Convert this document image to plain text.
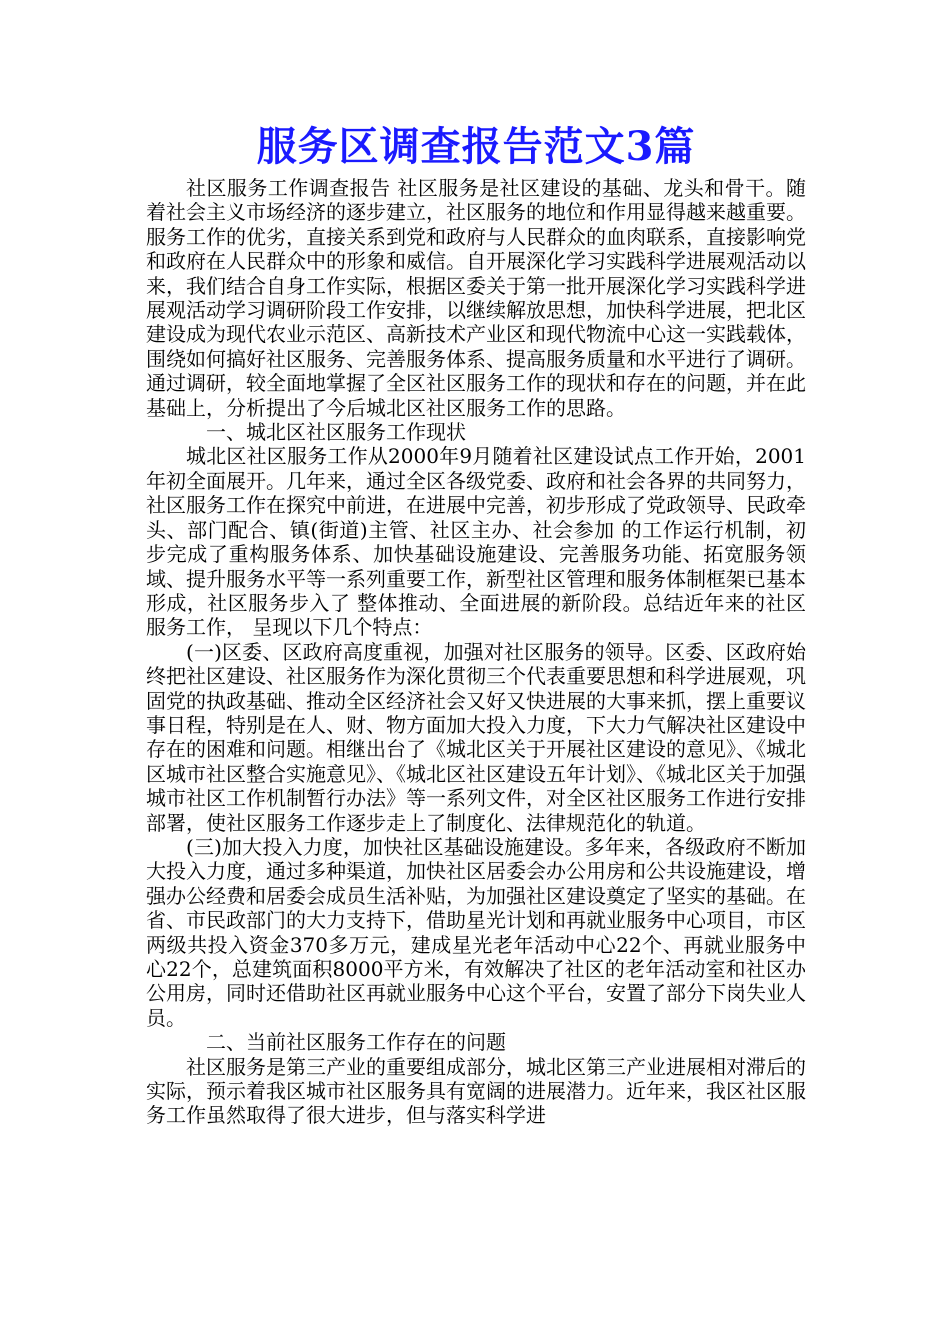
服务区调查报告范文3篇

社区服务工作调查报告 社区服务是社区建设的基础、龙头和骨干。随着社会主义市场经济的逐步建立，社区服务的地位和作用显得越来越重要。服务工作的优劣，直接关系到党和政府与人民群众的血肉联系，直接影响党和政府在人民群众中的形象和威信。自开展深化学习实践科学进展观活动以来，我们结合自身工作实际，根据区委关于第一批开展深化学习实践科学进展观活动学习调研阶段工作安排，以继续解放思想，加快科学进展，把北区建设成为现代农业示范区、高新技术产业区和现代物流中心这一实践载体，围绕如何搞好社区服务、完善服务体系、提高服务质量和水平进行了调研。通过调研，较全面地掌握了全区社区服务工作的现状和存在的问题，并在此基础上，分析提出了今后城北区社区服务工作的思路。

一、城北区社区服务工作现状

城北区社区服务工作从2000年9月随着社区建设试点工作开始，2001年初全面展开。几年来，通过全区各级党委、政府和社会各界的共同努力，社区服务工作在探究中前进，在进展中完善，初步形成了党政领导、民政牵头、部门配合、镇(街道)主管、社区主办、社会参加 的工作运行机制，初步完成了重构服务体系、加快基础设施建设、完善服务功能、拓宽服务领域、提升服务水平等一系列重要工作，新型社区管理和服务体制框架已基本形成，社区服务步入了 整体推动、全面进展的新阶段。总结近年来的社区服务工作， 呈现以下几个特点：

(一)区委、区政府高度重视，加强对社区服务的领导。区委、区政府始终把社区建设、社区服务作为深化贯彻三个代表重要思想和科学进展观，巩固党的执政基础、推动全区经济社会又好又快进展的大事来抓，摆上重要议事日程，特别是在人、财、物方面加大投入力度，下大力气解决社区建设中存在的困难和问题。相继出台了《城北区关于开展社区建设的意见》、《城北区城市社区整合实施意见》、《城北区社区建设五年计划》、《城北区关于加强城市社区工作机制暂行办法》等一系列文件，对全区社区服务工作进行安排部署，使社区服务工作逐步走上了制度化、法律规范化的轨道。

(三)加大投入力度，加快社区基础设施建设。多年来，各级政府不断加大投入力度，通过多种渠道，加快社区居委会办公用房和公共设施建设，增强办公经费和居委会成员生活补贴，为加强社区建设奠定了坚实的基础。在省、市民政部门的大力支持下，借助星光计划和再就业服务中心项目，市区两级共投入资金370多万元，建成星光老年活动中心22个、再就业服务中心22个，总建筑面积8000平方米，有效解决了社区的老年活动室和社区办公用房，同时还借助社区再就业服务中心这个平台，安置了部分下岗失业人员。

二、当前社区服务工作存在的问题

社区服务是第三产业的重要组成部分，城北区第三产业进展相对滞后的实际，预示着我区城市社区服务具有宽阔的进展潜力。近年来，我区社区服务工作虽然取得了很大进步，但与落实科学进
